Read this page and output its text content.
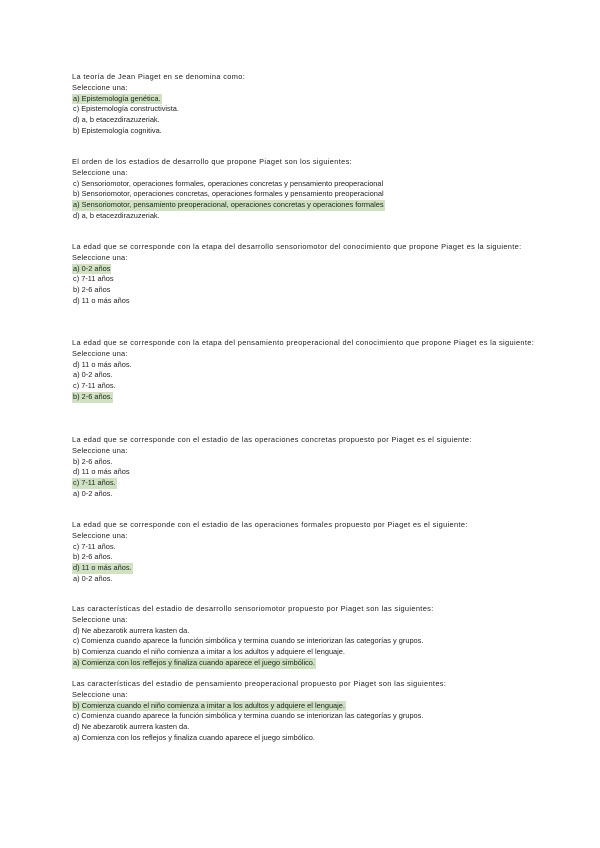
La teoría de Jean Piaget en se denomina como:
Seleccione una:
a) Epistemología genética.
c) Epistemología constructivista.
d) a, b etacezdirazuzeriak.
b) Epistemología cognitiva.
El orden de los estadios de desarrollo que propone Piaget son los siguientes:
Seleccione una:
c) Sensoriomotor, operaciones formales, operaciones concretas y pensamiento preoperacional
b) Sensoriomotor, operaciones concretas, operaciones formales y pensamiento preoperacional
a) Sensoriomotor, pensamiento preoperacional, operaciones concretas y operaciones formales
d) a, b etacezdirazuzeriak.
La edad que se corresponde con la etapa del desarrollo sensoriomotor del conocimiento que propone Piaget es la siguiente:
Seleccione una:
a) 0-2 años
c) 7-11 años
b) 2-6 años
d) 11 o más años
La edad que se corresponde con la etapa del pensamiento preoperacional del conocimiento que propone Piaget es la siguiente:
Seleccione una:
d) 11 o más años.
a) 0-2 años.
c) 7-11 años.
b) 2-6 años.
La edad que se corresponde con el estadio de las operaciones concretas propuesto por Piaget es el siguiente:
Seleccione una:
b) 2-6 años.
d) 11 o más años
c) 7-11 años.
a) 0-2 años.
La edad que se corresponde con el estadio de las operaciones formales propuesto por Piaget es el siguiente:
Seleccione una:
c) 7-11 años.
b) 2-6 años.
d) 11 o más años.
a) 0-2 años.
Las características del estadio de desarrollo sensoriomotor propuesto por Piaget son las siguientes:
Seleccione una:
d) Ne abezarotik aurrera kasten da.
c) Comienza cuando aparece la función simbólica y termina cuando se interiorizan las categorías y grupos.
b) Comienza cuando el niño comienza a imitar a los adultos y adquiere el lenguaje.
a) Comienza con los reflejos y finaliza cuando aparece el juego simbólico.
Las características del estadio de pensamiento preoperacional propuesto por Piaget son las siguientes:
Seleccione una:
b) Comienza cuando el niño comienza a imitar a los adultos y adquiere el lenguaje.
c) Comienza cuando aparece la función simbólica y termina cuando se interiorizan las categorías y grupos.
d) Ne abezarotik aurrera kasten da.
a) Comienza con los reflejos y finaliza cuando aparece el juego simbólico.
